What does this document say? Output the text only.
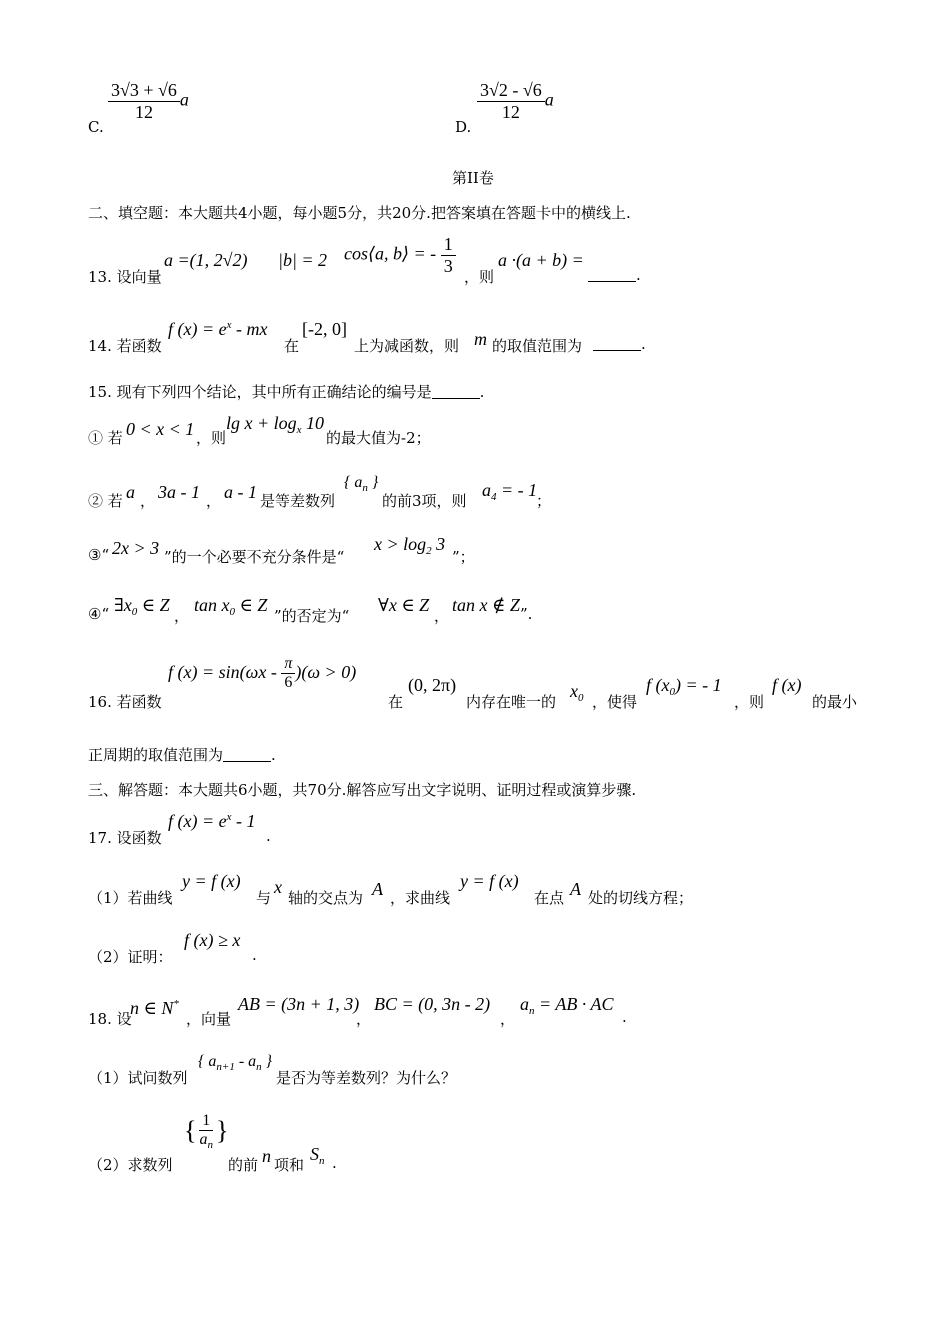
C.
$\frac{3√3 + √6}{12}$ a
D.
$\frac{3√2 - √6}{12}$ a
第II卷
二、填空题：本大题共4小题，每小题5分，共20分.把答案填在答题卡中的横线上.
13. 设向量
a =(1, 2√2) |b| = 2 cos⟨a, b⟩ = - $\frac{1}{3}$
，则
a ·(a + b) =
.
14. 若函数
f $(x) = e^x$ - mx
在
[-2, 0]
上为减函数，则 m 的取值范围为	.
15. 现有下列四个结论，其中所有正确结论的编号是	.
① 若 0 < x < 1 ，则
$\lg x + \log_x 10$
的最大值为-2；
② 若 a ， 3a - 1 ， a - 1 是等差数列
{ $a_n$ }
的前3项，则
$a_4$ = - 1
；
③“ 2x > 3 ”的一个必要不充分条件是“
$x > \log_2 3$
”；
④“ $\exists x_0$ ∈ Z
，
$\tan x_0$ ∈ Z
”的否定为“
∀x ∈ Z
，
tan x ∉ Z ”.
16. 若函数
f $(x) = \sin(\omega x - \frac{\pi}{6} )(\omega > 0)$
在
(0, 2π)
内存在唯一的
$x_0$ ，使得
f $(x_0)$ = - 1
，则
f (x)
的最小
正周期的取值范围为	.
三、解答题：本大题共6小题，共70分.解答应写出文字说明、证明过程或演算步骤.
17. 设函数
f $(x) = e^x - 1$
.
（1）若曲线
y = f (x)
与
x
轴的交点为 A ，求曲线
y = f (x)
在点 A 处的切线方程；
（2）证明：
f (x) ≥ x
.
18. 设
n ∈ N*
，向量
AB = (3n + 1, 3)
，
BC = (0, 3n - 2)
，
$a_n$ = AB · AC
.
（1）试问数列
{ $a_{n+1} - a_n$ }
是否为等差数列？为什么？
（2）求数列
{ $\frac{1}{a_n}$ }
的前 n 项和
$S_n$ .
